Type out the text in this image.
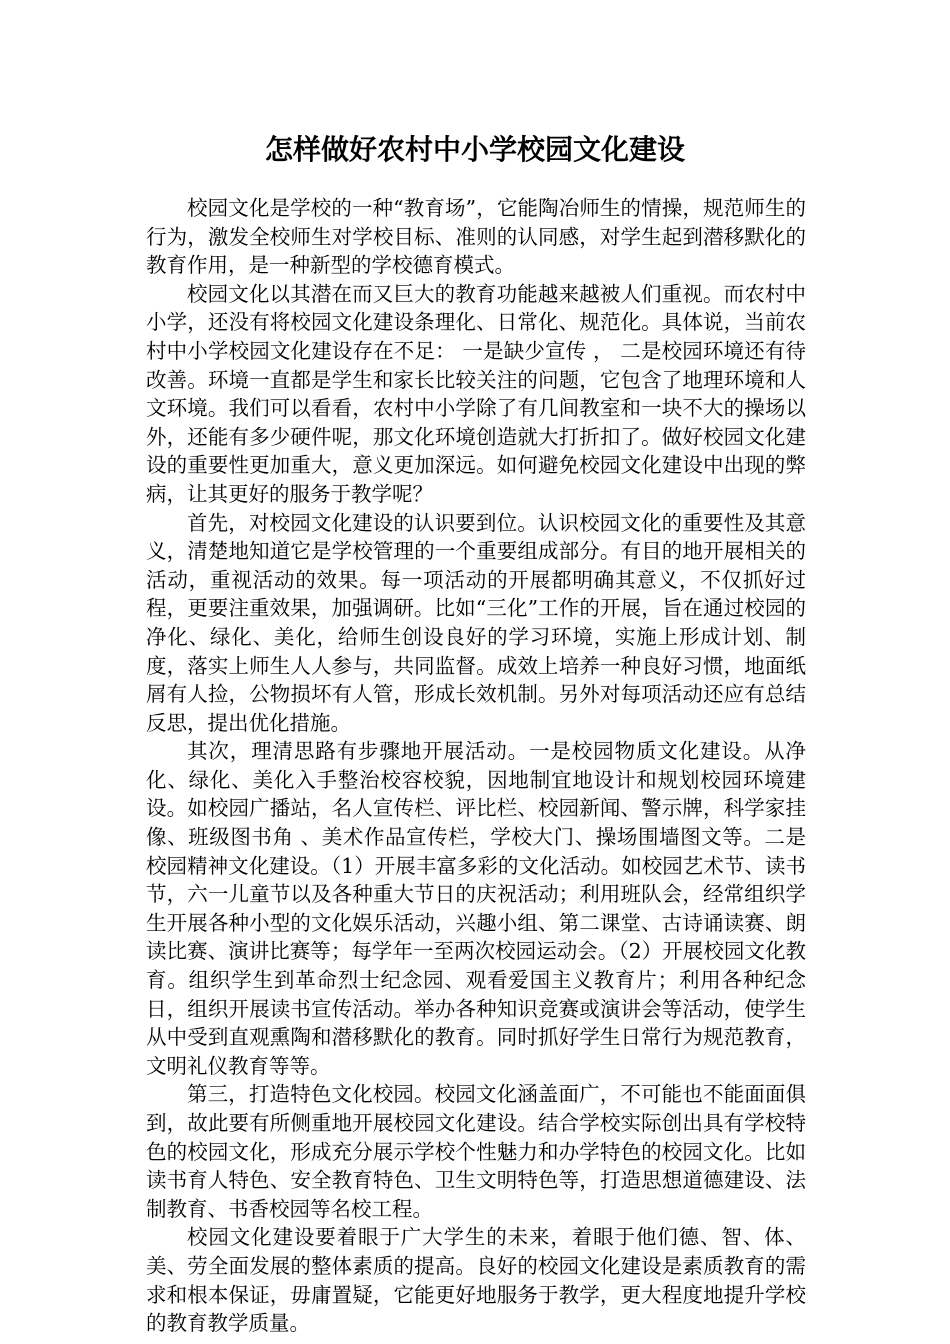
怎样做好农村中小学校园文化建设

校园文化是学校的一种“教育场”，它能陶冶师生的情操，规范师生的行为，激发全校师生对学校目标、准则的认同感，对学生起到潜移默化的教育作用，是一种新型的学校德育模式。

校园文化以其潜在而又巨大的教育功能越来越被人们重视。而农村中小学，还没有将校园文化建设条理化、日常化、规范化。具体说，当前农村中小学校园文化建设存在不足： 一是缺少宣传 ， 二是校园环境还有待改善。环境一直都是学生和家长比较关注的问题，它包含了地理环境和人文环境。我们可以看看，农村中小学除了有几间教室和一块不大的操场以外，还能有多少硬件呢，那文化环境创造就大打折扣了。做好校园文化建设的重要性更加重大，意义更加深远。如何避免校园文化建设中出现的弊病，让其更好的服务于教学呢？

首先，对校园文化建设的认识要到位。认识校园文化的重要性及其意义，清楚地知道它是学校管理的一个重要组成部分。有目的地开展相关的活动，重视活动的效果。每一项活动的开展都明确其意义，不仅抓好过程，更要注重效果，加强调研。比如“三化”工作的开展，旨在通过校园的净化、绿化、美化，给师生创设良好的学习环境，实施上形成计划、制度，落实上师生人人参与，共同监督。成效上培养一种良好习惯，地面纸屑有人捡，公物损坏有人管，形成长效机制。另外对每项活动还应有总结反思，提出优化措施。

其次，理清思路有步骤地开展活动。一是校园物质文化建设。从净化、绿化、美化入手整治校容校貌，因地制宜地设计和规划校园环境建设。如校园广播站，名人宣传栏、评比栏、校园新闻、警示牌，科学家挂像、班级图书角 、美术作品宣传栏，学校大门、操场围墙图文等。二是校园精神文化建设。（1）开展丰富多彩的文化活动。如校园艺术节、读书节，六一儿童节以及各种重大节日的庆祝活动；利用班队会，经常组织学生开展各种小型的文化娱乐活动，兴趣小组、第二课堂、古诗诵读赛、朗读比赛、演讲比赛等；每学年一至两次校园运动会。（2）开展校园文化教育。组织学生到革命烈士纪念园、观看爱国主义教育片；利用各种纪念日，组织开展读书宣传活动。举办各种知识竞赛或演讲会等活动，使学生从中受到直观熏陶和潜移默化的教育。同时抓好学生日常行为规范教育，文明礼仪教育等等。

第三，打造特色文化校园。校园文化涵盖面广，不可能也不能面面俱到，故此要有所侧重地开展校园文化建设。结合学校实际创出具有学校特色的校园文化，形成充分展示学校个性魅力和办学特色的校园文化。比如读书育人特色、安全教育特色、卫生文明特色等，打造思想道德建设、法制教育、书香校园等名校工程。

校园文化建设要着眼于广大学生的未来，着眼于他们德、智、体、美、劳全面发展的整体素质的提高。良好的校园文化建设是素质教育的需求和根本保证，毋庸置疑，它能更好地服务于教学，更大程度地提升学校的教育教学质量。
